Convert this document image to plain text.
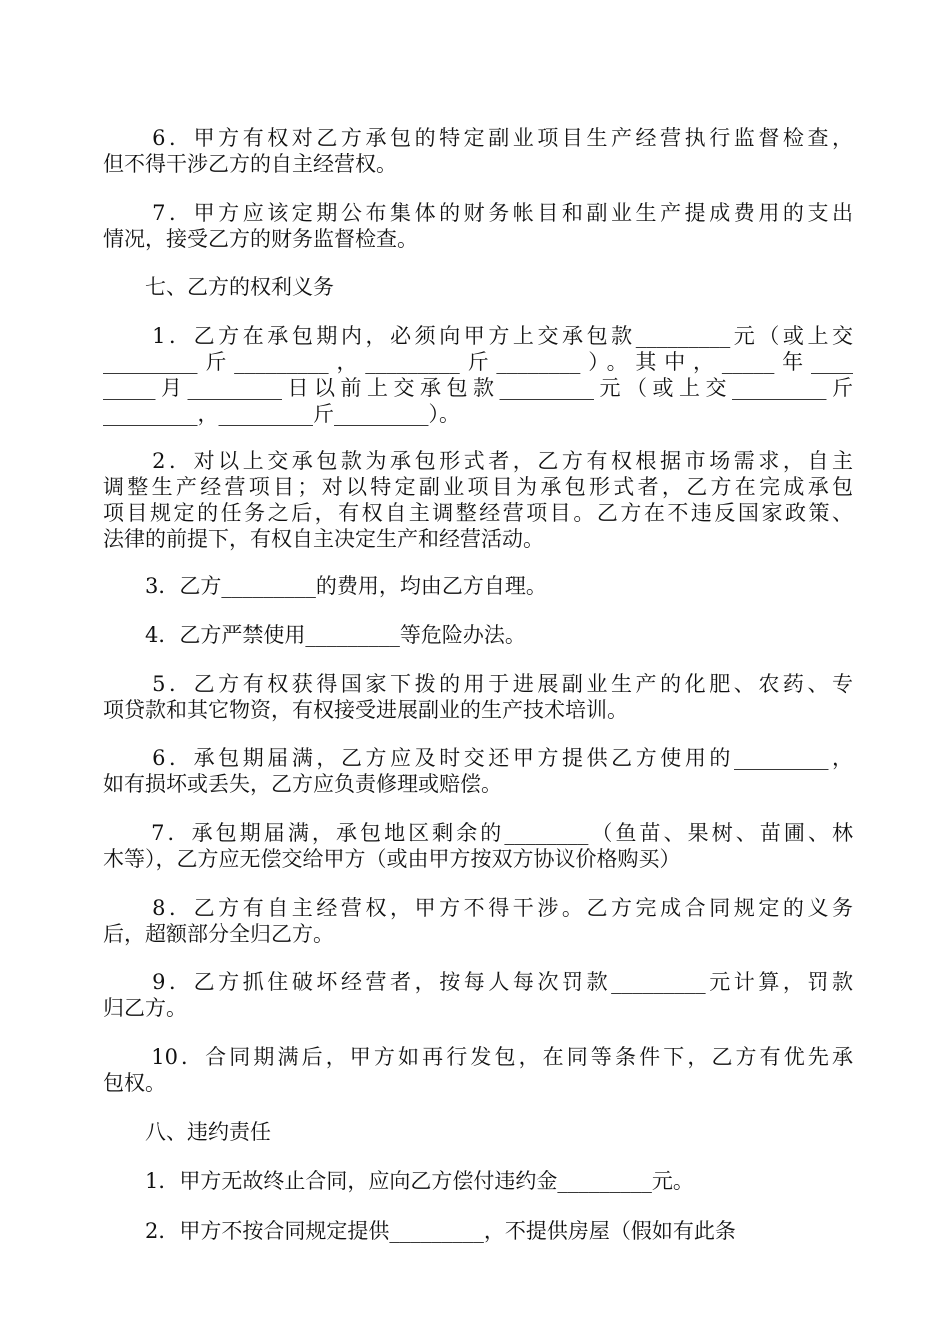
　　6．甲方有权对乙方承包的特定副业项目生产经营执行监督检查，
但不得干涉乙方的自主经营权。
　　7．甲方应该定期公布集体的财务帐目和副业生产提成费用的支出
情况，接受乙方的财务监督检查。
　　七、乙方的权利义务
　　1．乙方在承包期内，必须向甲方上交承包款_________元（或上交
_________斤_________，_________斤________）。其中，_____年____
_____月_________日以前上交承包款_________元（或上交_________斤
_________，_________斤_________）。
　　2．对以上交承包款为承包形式者，乙方有权根据市场需求，自主
调整生产经营项目；对以特定副业项目为承包形式者，乙方在完成承包
项目规定的任务之后，有权自主调整经营项目。乙方在不违反国家政策、
法律的前提下，有权自主决定生产和经营活动。
　　3．乙方_________的费用，均由乙方自理。
　　4．乙方严禁使用_________等危险办法。
　　5．乙方有权获得国家下拨的用于进展副业生产的化肥、农药、专
项贷款和其它物资，有权接受进展副业的生产技术培训。
　　6．承包期届满，乙方应及时交还甲方提供乙方使用的_________，
如有损坏或丢失，乙方应负责修理或赔偿。
　　7．承包期届满，承包地区剩余的________（鱼苗、果树、苗圃、林
木等），乙方应无偿交给甲方（或由甲方按双方协议价格购买）
　　8．乙方有自主经营权，甲方不得干涉。乙方完成合同规定的义务
后，超额部分全归乙方。
　　9．乙方抓住破坏经营者，按每人每次罚款_________元计算，罚款
归乙方。
　　10．合同期满后，甲方如再行发包，在同等条件下，乙方有优先承
包权。
　　八、违约责任
　　1．甲方无故终止合同，应向乙方偿付违约金_________元。
　　2．甲方不按合同规定提供_________，不提供房屋（假如有此条
